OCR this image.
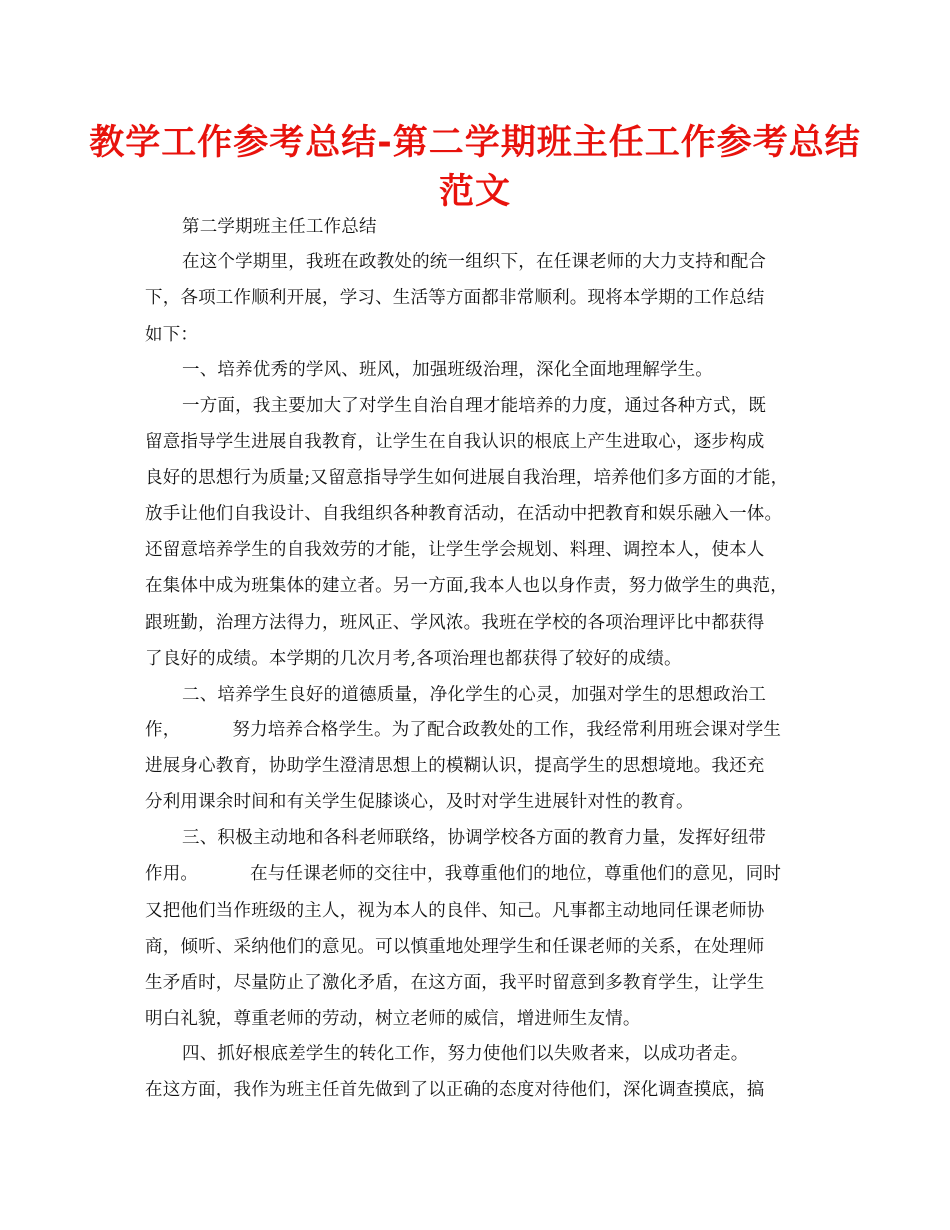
教学工作参考总结-第二学期班主任工作参考总结
范文
第二学期班主任工作总结
在这个学期里，我班在政教处的统一组织下，在任课老师的大力支持和配合
下，各项工作顺利开展，学习、生活等方面都非常顺利。现将本学期的工作总结
如下：
一、培养优秀的学风、班风，加强班级治理，深化全面地理解学生。
一方面，我主要加大了对学生自治自理才能培养的力度，通过各种方式，既
留意指导学生进展自我教育，让学生在自我认识的根底上产生进取心，逐步构成
良好的思想行为质量;又留意指导学生如何进展自我治理，培养他们多方面的才能，
放手让他们自我设计、自我组织各种教育活动，在活动中把教育和娱乐融入一体。
还留意培养学生的自我效劳的才能，让学生学会规划、料理、调控本人，使本人
在集体中成为班集体的建立者。另一方面,我本人也以身作责，努力做学生的典范，
跟班勤，治理方法得力，班风正、学风浓。我班在学校的各项治理评比中都获得
了良好的成绩。本学期的几次月考,各项治理也都获得了较好的成绩。
二、培养学生良好的道德质量，净化学生的心灵，加强对学生的思想政治工
作，	努力培养合格学生。为了配合政教处的工作，我经常利用班会课对学生
进展身心教育，协助学生澄清思想上的模糊认识，提高学生的思想境地。我还充
分利用课余时间和有关学生促膝谈心，及时对学生进展针对性的教育。
三、积极主动地和各科老师联络，协调学校各方面的教育力量，发挥好纽带
作用。	在与任课老师的交往中，我尊重他们的地位，尊重他们的意见，同时
又把他们当作班级的主人，视为本人的良伴、知己。凡事都主动地同任课老师协
商，倾听、采纳他们的意见。可以慎重地处理学生和任课老师的关系，在处理师
生矛盾时，尽量防止了激化矛盾，在这方面，我平时留意到多教育学生，让学生
明白礼貌，尊重老师的劳动，树立老师的威信，增进师生友情。
四、抓好根底差学生的转化工作，努力使他们以失败者来，以成功者走。
在这方面，我作为班主任首先做到了以正确的态度对待他们，深化调查摸底，搞
